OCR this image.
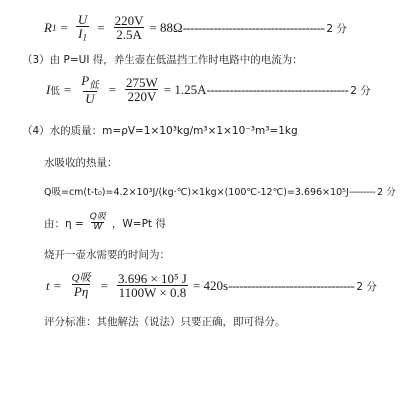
R $1 = \frac{U}{I_1} = \frac{220V}{2.5A} = 88\Omega$ ------------------------------------- 2 分
（3）由 P=UI 得，养生壶在低温挡工作时电路中的电流为：
I 低 = $\frac{P_低}{U} = \frac{275W}{220V} = 1.25A$ ------------------------------------- 2 分
（4）水的质量：m=ρV=1×10³kg/m³×1×10⁻³m³=1kg
水吸收的热量：
Q吸=cm(t-t₀)=4.2×10³J/(kg·℃)×1kg×(100℃-12℃)=3.696×10⁵J--------- 2 分
由：$\eta = \frac{\text{Q吸}}{W}$ ，W=Pt 得
烧开一壶水需要的时间为：
$t = \frac{\text{Q吸}}{P\eta} = \frac{\text{3.696 × 10⁵ J}}{1100W \times 0.8} = 420s$ --------------------------------- 2 分
评分标准：其他解法（说法）只要正确，即可得分。
